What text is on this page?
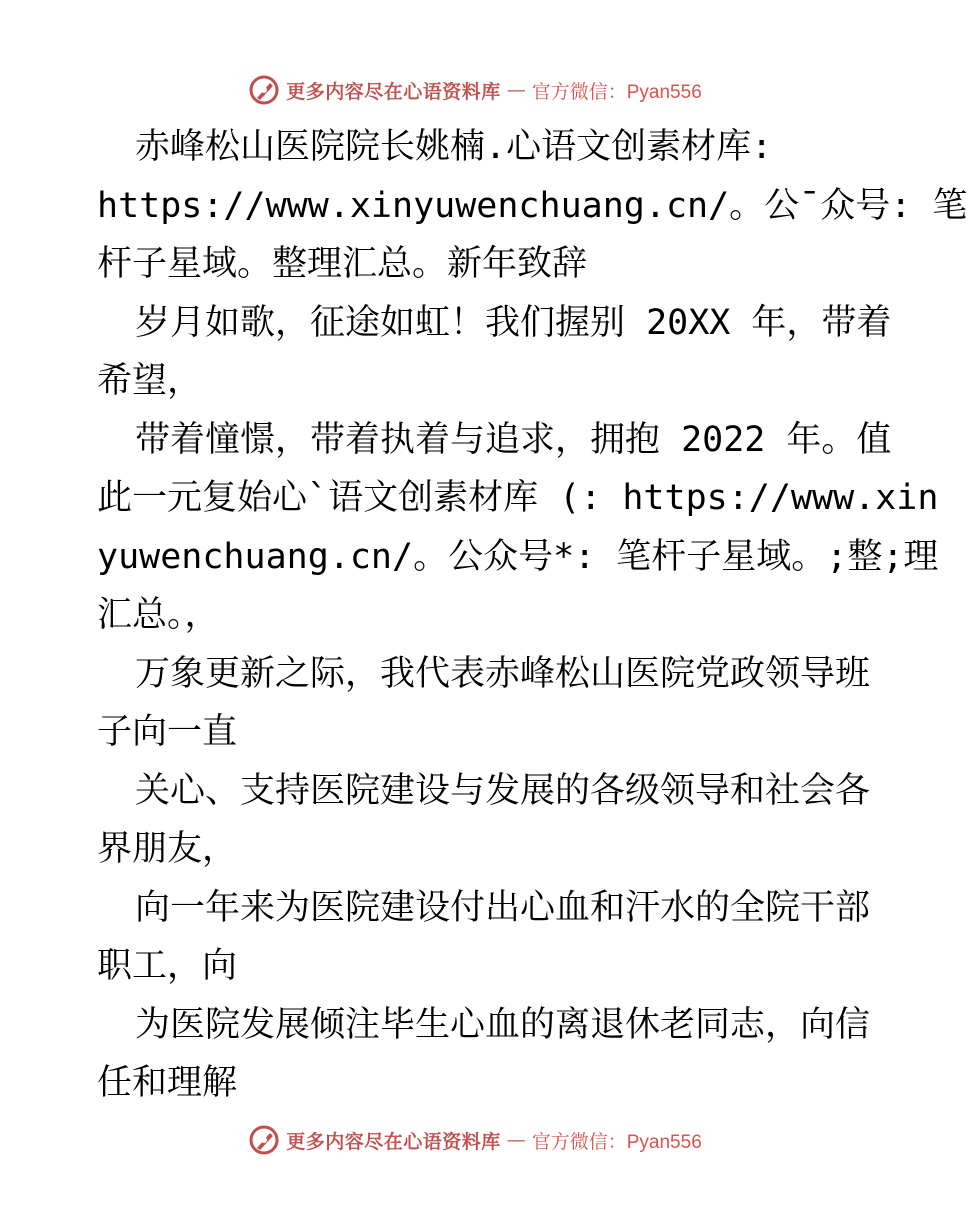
更多内容尽在心语资料库 — 官方微信：Pyan556
赤峰松山医院院长姚楠.心语文创素材库:
https://www.xinyuwenchuang.cn/。公¯众号: 笔
杆子星域。整理汇总。新年致辞
岁月如歌，征途如虹！我们握别 20XX 年，带着
希望，
带着憧憬，带着执着与追求，拥抱 2022 年。值
此一元复始心`语文创素材库 (: https://www.xin
yuwenchuang.cn/。公众号*: 笔杆子星域。;整;理
汇总。，
万象更新之际，我代表赤峰松山医院党政领导班
子向一直
关心、支持医院建设与发展的各级领导和社会各
界朋友，
向一年来为医院建设付出心血和汗水的全院干部
职工，向
为医院发展倾注毕生心血的离退休老同志，向信
任和理解
更多内容尽在心语资料库 — 官方微信：Pyan556
